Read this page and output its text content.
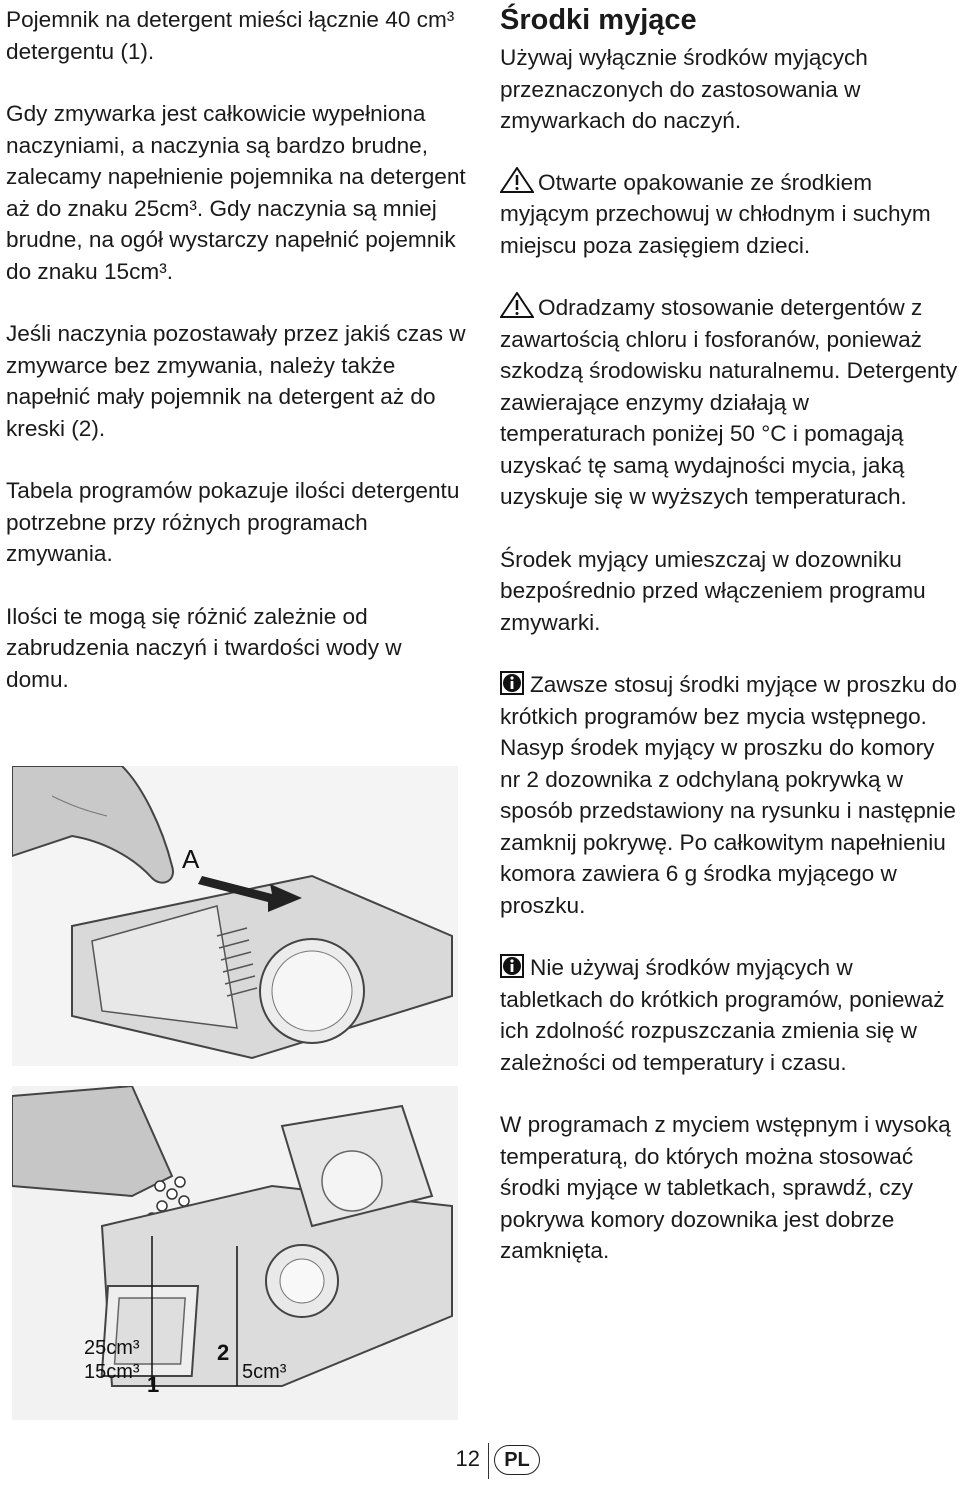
Pojemnik na detergent mieści łącznie 40 cm³ detergentu (1).

Gdy zmywarka jest całkowicie wypełniona naczyniami, a naczynia są bardzo brudne, zalecamy napełnienie pojemnika na detergent aż do znaku 25cm³. Gdy naczynia są mniej brudne, na ogół wystarczy napełnić pojemnik do znaku 15cm³.

Jeśli naczynia pozostawały przez jakiś czas w zmywarce bez zmywania, należy także napełnić mały pojemnik na detergent aż do kreski (2).

Tabela programów pokazuje ilości detergentu potrzebne przy różnych programach zmywania.

Ilości te mogą się różnić zależnie od zabrudzenia naczyń i twardości wody w domu.

A
25cm³
15cm³ 1
2
5cm³
Środki myjące

Używaj wyłącznie środków myjących przeznaczonych do zastosowania w zmywarkach do naczyń.

Otwarte opakowanie ze środkiem myjącym przechowuj w chłodnym i suchym miejscu poza zasięgiem dzieci.

Odradzamy stosowanie detergentów z zawartością chloru i fosforanów, ponieważ szkodzą środowisku naturalnemu. Detergenty zawierające enzymy działają w temperaturach poniżej 50 °C i pomagają uzyskać tę samą wydajności mycia, jaką uzyskuje się w wyższych temperaturach.

Środek myjący umieszczaj w dozowniku bezpośrednio przed włączeniem programu zmywarki.

Zawsze stosuj środki myjące w proszku do krótkich programów bez mycia wstępnego. Nasyp środek myjący w proszku do komory nr 2 dozownika z odchylaną pokrywką w sposób przedstawiony na rysunku i następnie zamknij pokrywę. Po całkowitym napełnieniu komora zawiera 6 g środka myjącego w proszku.

Nie używaj środków myjących w tabletkach do krótkich programów, ponieważ ich zdolność rozpuszczania zmienia się w zależności od temperatury i czasu.

W programach z myciem wstępnym i wysoką temperaturą, do których można stosować środki myjące w tabletkach, sprawdź, czy pokrywa komory dozownika jest dobrze zamknięta.

12	PL
